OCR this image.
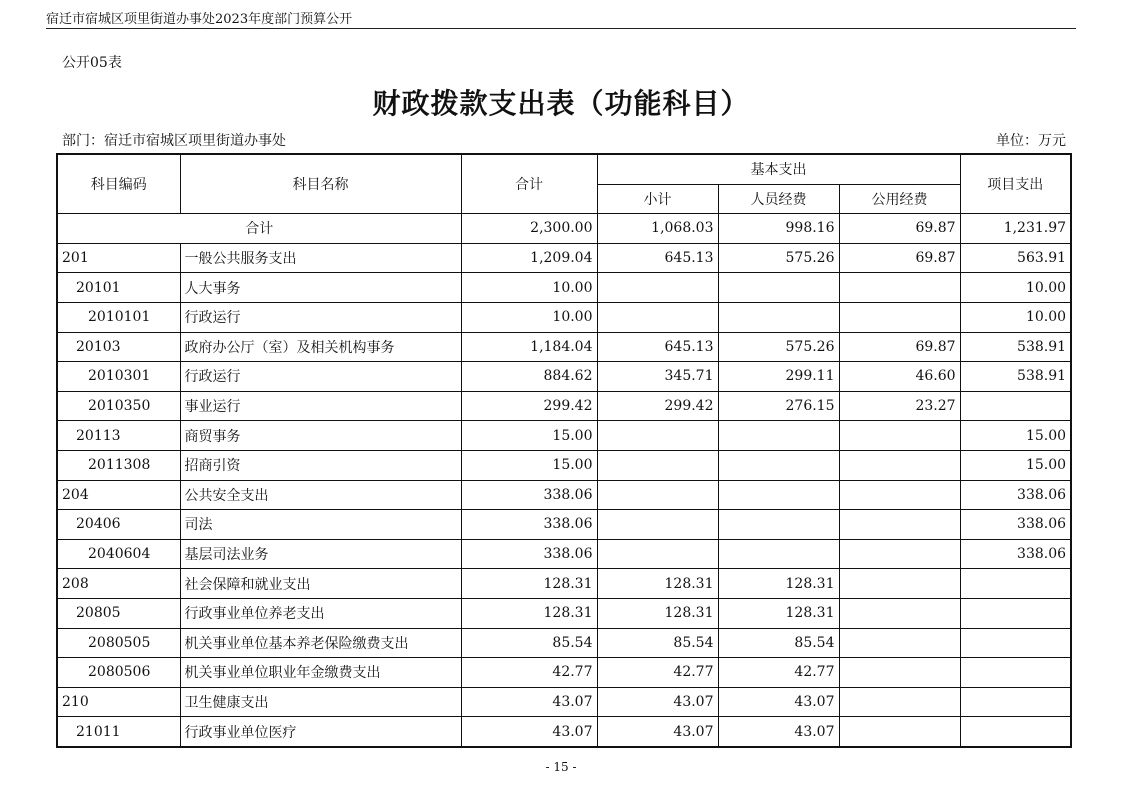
宿迁市宿城区项里街道办事处2023年度部门预算公开
公开05表
财政拨款支出表（功能科目）
部门：宿迁市宿城区项里街道办事处	单位：万元
科目编码	科目名称	合计	基本支出			项目支出
			小计	人员经费	公用经费	
合计		2,300.00	1,068.03	998.16	69.87	1,231.97
201	一般公共服务支出	1,209.04	645.13	575.26	69.87	563.91
20101	人大事务	10.00				10.00
2010101	行政运行	10.00				10.00
20103	政府办公厅（室）及相关机构事务	1,184.04	645.13	575.26	69.87	538.91
2010301	行政运行	884.62	345.71	299.11	46.60	538.91
2010350	事业运行	299.42	299.42	276.15	23.27	
20113	商贸事务	15.00				15.00
2011308	招商引资	15.00				15.00
204	公共安全支出	338.06				338.06
20406	司法	338.06				338.06
2040604	基层司法业务	338.06				338.06
208	社会保障和就业支出	128.31	128.31	128.31		
20805	行政事业单位养老支出	128.31	128.31	128.31		
2080505	机关事业单位基本养老保险缴费支出	85.54	85.54	85.54		
2080506	机关事业单位职业年金缴费支出	42.77	42.77	42.77		
210	卫生健康支出	43.07	43.07	43.07		
21011	行政事业单位医疗	43.07	43.07	43.07		
- 15 -
